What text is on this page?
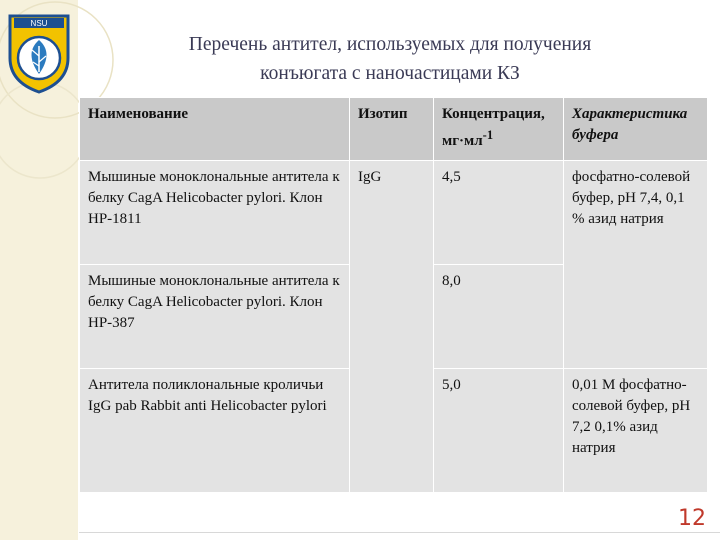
NSU
Перечень антител, используемых для получения
конъюгата с наночастицами КЗ
Наименование	Изотип	Концентрация, $мг\cdot мл^{-1}$	Характеристика буфера
Мышиные моноклональные антитела к белку CagA Helicobacter pylori. Клон HP-1811	IgG	4,5	фосфатно-солевой буфер, рН 7,4, 0,1 % азид натрия
Мышиные моноклональные антитела к белку CagA Helicobacter pylori. Клон HP-387		8,0	
Антитела поликлональные кроличьи IgG pab Rabbit anti Helicobacter pylori		5,0	0,01 М фосфатно-солевой буфер, рН 7,2 0,1% азид натрия
12
